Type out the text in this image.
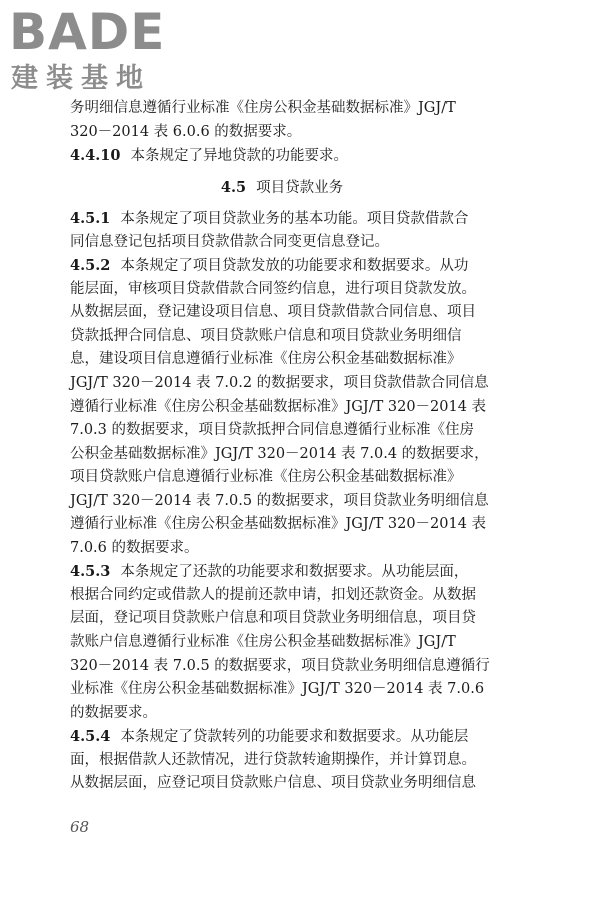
BADE
建装基地
务明细信息遵循行业标准《住房公积金基础数据标准》JGJ/T
320－2014 表 6.0.6 的数据要求。
4.4.10 本条规定了异地贷款的功能要求。
4.5 项目贷款业务
4.5.1 本条规定了项目贷款业务的基本功能。项目贷款借款合
同信息登记包括项目贷款借款合同变更信息登记。
4.5.2 本条规定了项目贷款发放的功能要求和数据要求。从功
能层面，审核项目贷款借款合同签约信息，进行项目贷款发放。
从数据层面，登记建设项目信息、项目贷款借款合同信息、项目
贷款抵押合同信息、项目贷款账户信息和项目贷款业务明细信
息，建设项目信息遵循行业标准《住房公积金基础数据标准》
JGJ/T 320－2014 表 7.0.2 的数据要求，项目贷款借款合同信息
遵循行业标准《住房公积金基础数据标准》JGJ/T 320－2014 表
7.0.3 的数据要求，项目贷款抵押合同信息遵循行业标准《住房
公积金基础数据标准》JGJ/T 320－2014 表 7.0.4 的数据要求，
项目贷款账户信息遵循行业标准《住房公积金基础数据标准》
JGJ/T 320－2014 表 7.0.5 的数据要求，项目贷款业务明细信息
遵循行业标准《住房公积金基础数据标准》JGJ/T 320－2014 表
7.0.6 的数据要求。
4.5.3 本条规定了还款的功能要求和数据要求。从功能层面，
根据合同约定或借款人的提前还款申请，扣划还款资金。从数据
层面，登记项目贷款账户信息和项目贷款业务明细信息，项目贷
款账户信息遵循行业标准《住房公积金基础数据标准》JGJ/T
320－2014 表 7.0.5 的数据要求，项目贷款业务明细信息遵循行
业标准《住房公积金基础数据标准》JGJ/T 320－2014 表 7.0.6
的数据要求。
4.5.4 本条规定了贷款转列的功能要求和数据要求。从功能层
面，根据借款人还款情况，进行贷款转逾期操作，并计算罚息。
从数据层面，应登记项目贷款账户信息、项目贷款业务明细信息
68
